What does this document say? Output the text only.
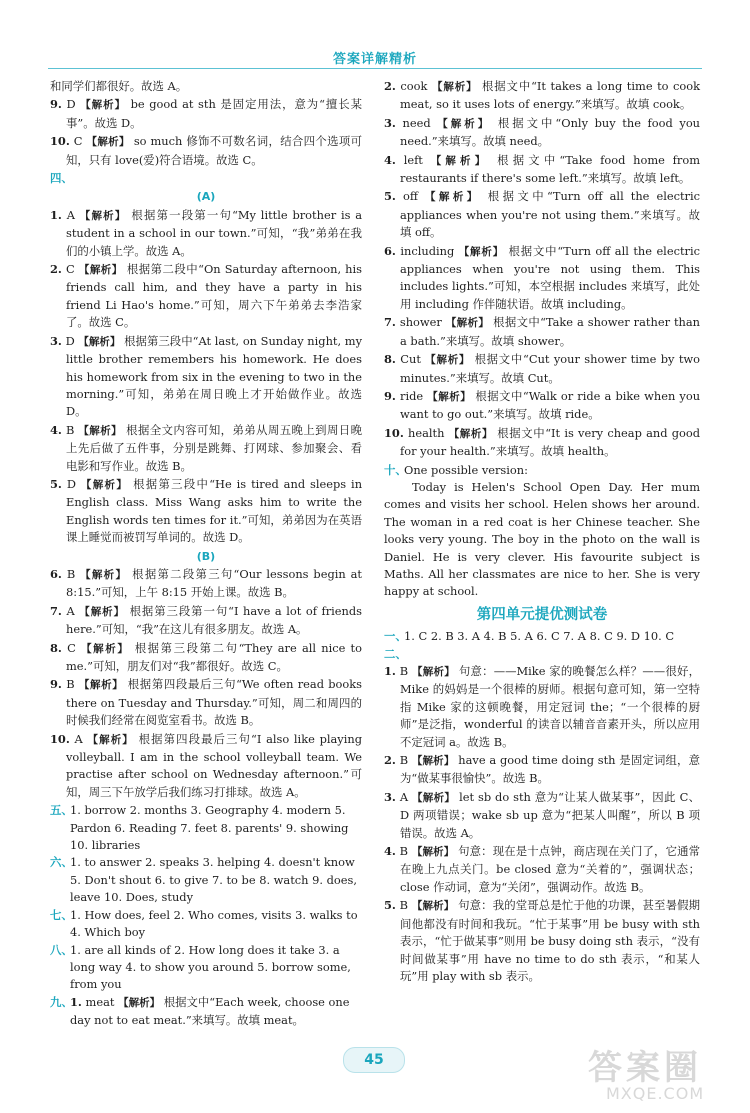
答案详解精析
和同学们都很好。故选 A。
9. D 【解析】 be good at sth 是固定用法，意为“擅长某事”。故选 D。
10. C 【解析】 so much 修饰不可数名词，结合四个选项可知，只有 love(爱)符合语境。故选 C。
四、
(A)
1. A 【解析】 根据第一段第一句“My little brother is a student in a school in our town.”可知，“我”弟弟在我们的小镇上学。故选 A。
2. C 【解析】 根据第二段中“On Saturday afternoon, his friends call him, and they have a party in his friend Li Hao's home.”可知，周六下午弟弟去李浩家了。故选 C。
3. D 【解析】 根据第三段中“At last, on Sunday night, my little brother remembers his homework. He does his homework from six in the evening to two in the morning.”可知，弟弟在周日晚上才开始做作业。故选 D。
4. B 【解析】 根据全文内容可知，弟弟从周五晚上到周日晚上先后做了五件事，分别是跳舞、打网球、参加聚会、看电影和写作业。故选 B。
5. D 【解析】 根据第三段中“He is tired and sleeps in English class. Miss Wang asks him to write the English words ten times for it.”可知，弟弟因为在英语课上睡觉而被罚写单词的。故选 D。
(B)
6. B 【解析】 根据第二段第三句“Our lessons begin at 8:15.”可知，上午 8:15 开始上课。故选 B。
7. A 【解析】 根据第三段第一句“I have a lot of friends here.”可知，“我”在这儿有很多朋友。故选 A。
8. C 【解析】 根据第三段第二句“They are all nice to me.”可知，朋友们对“我”都很好。故选 C。
9. B 【解析】 根据第四段最后三句“We often read books there on Tuesday and Thursday.”可知，周二和周四的时候我们经常在阅览室看书。故选 B。
10. A 【解析】 根据第四段最后三句“I also like playing volleyball. I am in the school volleyball team. We practise after school on Wednesday afternoon.”可知，周三下午放学后我们练习打排球。故选 A。
五、1. borrow 2. months 3. Geography 4. modern 5. Pardon 6. Reading 7. feet 8. parents' 9. showing 10. libraries
六、1. to answer 2. speaks 3. helping 4. doesn't know 5. Don't shout 6. to give 7. to be 8. watch 9. does, leave 10. Does, study
七、1. How does, feel 2. Who comes, visits 3. walks to 4. Which boy
八、1. are all kinds of 2. How long does it take 3. a long way 4. to show you around 5. borrow some, from you
九、1. meat 【解析】 根据文中“Each week, choose one day not to eat meat.”来填写。故填 meat。
2. cook 【解析】 根据文中“It takes a long time to cook meat, so it uses lots of energy.”来填写。故填 cook。
3. need 【解析】 根据文中“Only buy the food you need.”来填写。故填 need。
4. left 【解析】 根据文中“Take food home from restaurants if there's some left.”来填写。故填 left。
5. off 【解析】 根据文中“Turn off all the electric appliances when you're not using them.”来填写。故填 off。
6. including 【解析】 根据文中“Turn off all the electric appliances when you're not using them. This includes lights.”可知，本空根据 includes 来填写，此处用 including 作伴随状语。故填 including。
7. shower 【解析】 根据文中“Take a shower rather than a bath.”来填写。故填 shower。
8. Cut 【解析】 根据文中“Cut your shower time by two minutes.”来填写。故填 Cut。
9. ride 【解析】 根据文中“Walk or ride a bike when you want to go out.”来填写。故填 ride。
10. health 【解析】 根据文中“It is very cheap and good for your health.”来填写。故填 health。
十、One possible version:

Today is Helen's School Open Day. Her mum comes and visits her school. Helen shows her around. The woman in a red coat is her Chinese teacher. She looks very young. The boy in the photo on the wall is Daniel. He is very clever. His favourite subject is Maths. All her classmates are nice to her. She is very happy at school.

第四单元提优测试卷
一、1. C 2. B 3. A 4. B 5. A 6. C 7. A 8. C 9. D 10. C
二、
1. B 【解析】 句意：——Mike 家的晚餐怎么样？——很好，Mike 的妈妈是一个很棒的厨师。根据句意可知，第一空特指 Mike 家的这顿晚餐，用定冠词 the；“一个很棒的厨师”是泛指，wonderful 的读音以辅音音素开头，所以应用不定冠词 a。故选 B。
2. B 【解析】 have a good time doing sth 是固定词组，意为“做某事很愉快”。故选 B。
3. A 【解析】 let sb do sth 意为“让某人做某事”，因此 C、D 两项错误；wake sb up 意为“把某人叫醒”，所以 B 项错误。故选 A。
4. B 【解析】 句意：现在是十点钟，商店现在关门了，它通常在晚上九点关门。be closed 意为“关着的”，强调状态；close 作动词，意为“关闭”，强调动作。故选 B。
5. B 【解析】 句意：我的堂哥总是忙于他的功课，甚至暑假期间他都没有时间和我玩。“忙于某事”用 be busy with sth 表示，“忙于做某事”则用 be busy doing sth 表示，“没有时间做某事”用 have no time to do sth 表示，“和某人玩”用 play with sb 表示。
45	答案圈
MXQE.COM
